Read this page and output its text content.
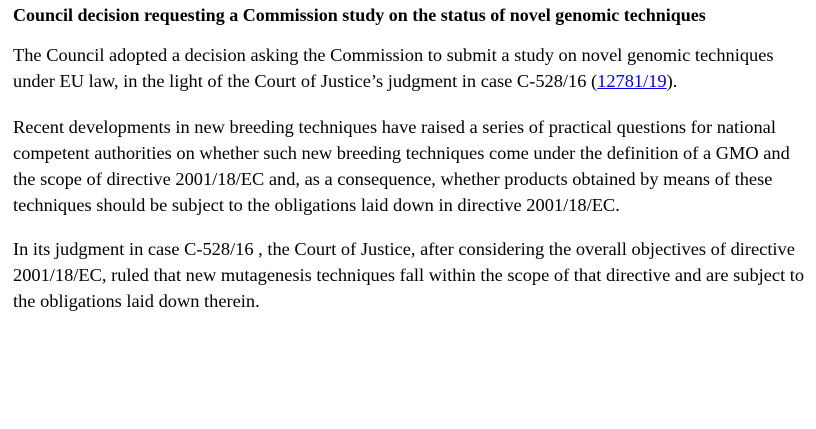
Council decision requesting a Commission study on the status of novel genomic techniques

The Council adopted a decision asking the Commission to submit a study on novel genomic techniques under EU law, in the light of the Court of Justice’s judgment in case C-528/16 (12781/19).

Recent developments in new breeding techniques have raised a series of practical questions for national competent authorities on whether such new breeding techniques come under the definition of a GMO and the scope of directive 2001/18/EC and, as a consequence, whether products obtained by means of these techniques should be subject to the obligations laid down in directive 2001/18/EC.

In its judgment in case C-528/16 , the Court of Justice, after considering the overall objectives of directive 2001/18/EC, ruled that new mutagenesis techniques fall within the scope of that directive and are subject to the obligations laid down therein.
